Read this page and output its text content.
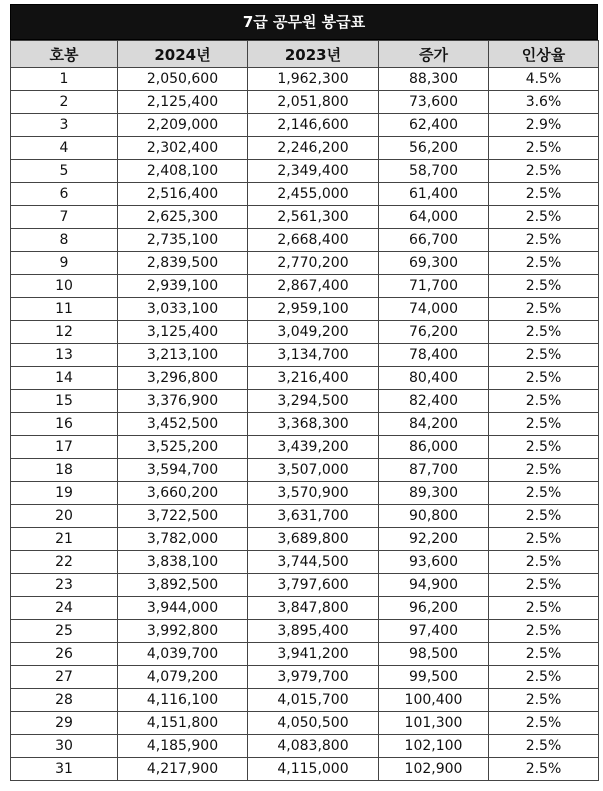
7급 공무원 봉급표
호봉	2024년	2023년	증가	인상율
1	2,050,600	1,962,300	88,300	4.5%
2	2,125,400	2,051,800	73,600	3.6%
3	2,209,000	2,146,600	62,400	2.9%
4	2,302,400	2,246,200	56,200	2.5%
5	2,408,100	2,349,400	58,700	2.5%
6	2,516,400	2,455,000	61,400	2.5%
7	2,625,300	2,561,300	64,000	2.5%
8	2,735,100	2,668,400	66,700	2.5%
9	2,839,500	2,770,200	69,300	2.5%
10	2,939,100	2,867,400	71,700	2.5%
11	3,033,100	2,959,100	74,000	2.5%
12	3,125,400	3,049,200	76,200	2.5%
13	3,213,100	3,134,700	78,400	2.5%
14	3,296,800	3,216,400	80,400	2.5%
15	3,376,900	3,294,500	82,400	2.5%
16	3,452,500	3,368,300	84,200	2.5%
17	3,525,200	3,439,200	86,000	2.5%
18	3,594,700	3,507,000	87,700	2.5%
19	3,660,200	3,570,900	89,300	2.5%
20	3,722,500	3,631,700	90,800	2.5%
21	3,782,000	3,689,800	92,200	2.5%
22	3,838,100	3,744,500	93,600	2.5%
23	3,892,500	3,797,600	94,900	2.5%
24	3,944,000	3,847,800	96,200	2.5%
25	3,992,800	3,895,400	97,400	2.5%
26	4,039,700	3,941,200	98,500	2.5%
27	4,079,200	3,979,700	99,500	2.5%
28	4,116,100	4,015,700	100,400	2.5%
29	4,151,800	4,050,500	101,300	2.5%
30	4,185,900	4,083,800	102,100	2.5%
31	4,217,900	4,115,000	102,900	2.5%
